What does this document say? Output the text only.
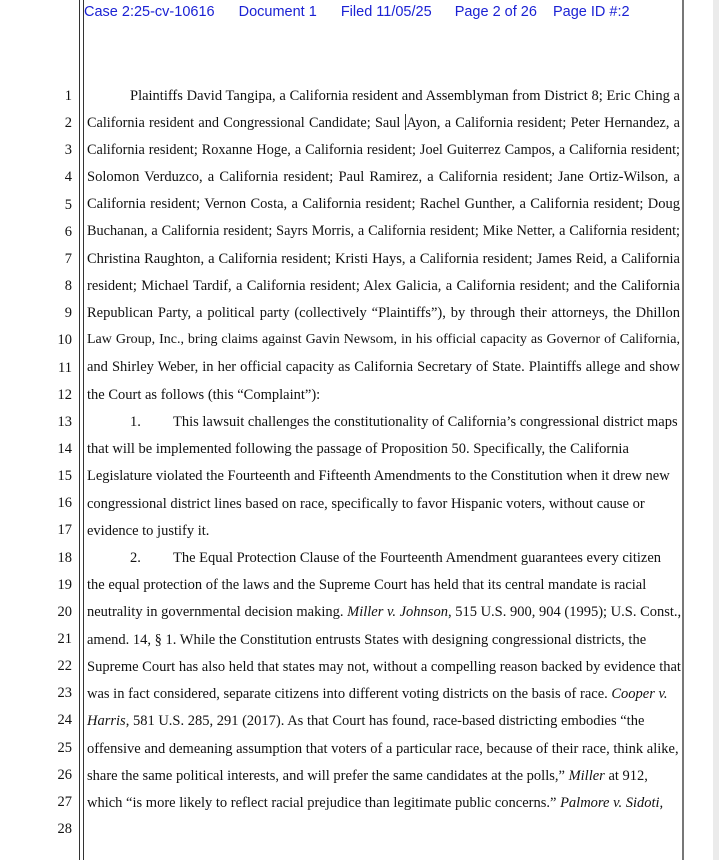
Case 2:25-cv-10616 Document 1 Filed 11/05/25 Page 2 of 26 Page ID #:2
1
2
3
4
5
6
7
8
9
10
11
12
13
14
15
16
17
18
19
20
21
22
23
24
25
26
27
28
Plaintiffs David Tangipa, a California resident and Assemblyman from District 8; Eric Ching a
California resident and Congressional Candidate; Saul Ayon, a California resident; Peter Hernandez, a
California resident; Roxanne Hoge, a California resident; Joel Guiterrez Campos, a California resident;
Solomon Verduzco, a California resident; Paul Ramirez, a California resident; Jane Ortiz-Wilson, a
California resident; Vernon Costa, a California resident; Rachel Gunther, a California resident; Doug
Buchanan, a California resident; Sayrs Morris, a California resident; Mike Netter, a California resident;
Christina Raughton, a California resident; Kristi Hays, a California resident; James Reid, a California
resident; Michael Tardif, a California resident; Alex Galicia, a California resident; and the California
Republican Party, a political party (collectively “Plaintiffs”), by through their attorneys, the Dhillon
Law Group, Inc., bring claims against Gavin Newsom, in his official capacity as Governor of California,
and Shirley Weber, in her official capacity as California Secretary of State. Plaintiffs allege and show
the Court as follows (this “Complaint”):
1. This lawsuit challenges the constitutionality of California’s congressional district maps
that will be implemented following the passage of Proposition 50. Specifically, the California
Legislature violated the Fourteenth and Fifteenth Amendments to the Constitution when it drew new
congressional district lines based on race, specifically to favor Hispanic voters, without cause or
evidence to justify it.
2. The Equal Protection Clause of the Fourteenth Amendment guarantees every citizen
the equal protection of the laws and the Supreme Court has held that its central mandate is racial
neutrality in governmental decision making. Miller v. Johnson, 515 U.S. 900, 904 (1995); U.S. Const.,
amend. 14, § 1. While the Constitution entrusts States with designing congressional districts, the
Supreme Court has also held that states may not, without a compelling reason backed by evidence that
was in fact considered, separate citizens into different voting districts on the basis of race. Cooper v.
Harris, 581 U.S. 285, 291 (2017). As that Court has found, race-based districting embodies “the
offensive and demeaning assumption that voters of a particular race, because of their race, think alike,
share the same political interests, and will prefer the same candidates at the polls,” Miller at 912,
which “is more likely to reflect racial prejudice than legitimate public concerns.” Palmore v. Sidoti,
